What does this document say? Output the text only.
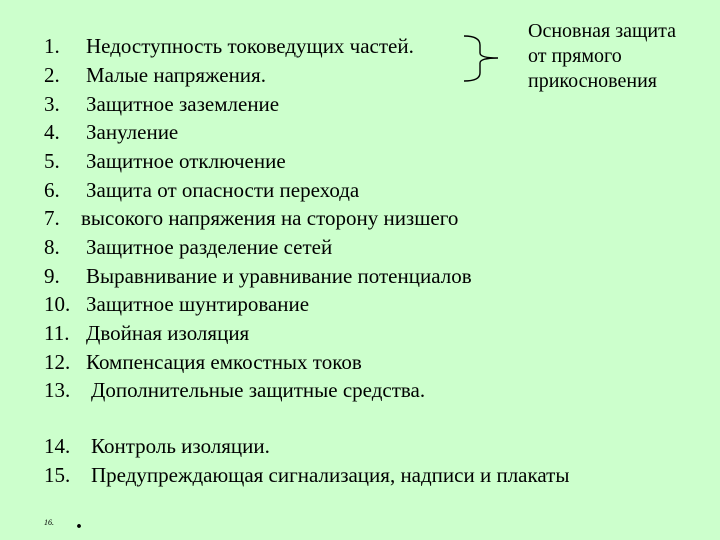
1. Недоступность токоведущих частей.
2. Малые напряжения.
3. Защитное заземление
4. Зануление
5. Защитное отключение
6. Защита от опасности перехода
7. высокого напряжения на сторону низшего
8. Защитное разделение сетей
9. Выравнивание и уравнивание потенциалов
10. Защитное шунтирование
11. Двойная изоляция
12. Компенсация емкостных токов
13. Дополнительные защитные средства.
14. Контроль изоляции.
15. Предупреждающая сигнализация, надписи и плакаты
Основная защита
от прямого
прикосновения
16. .
